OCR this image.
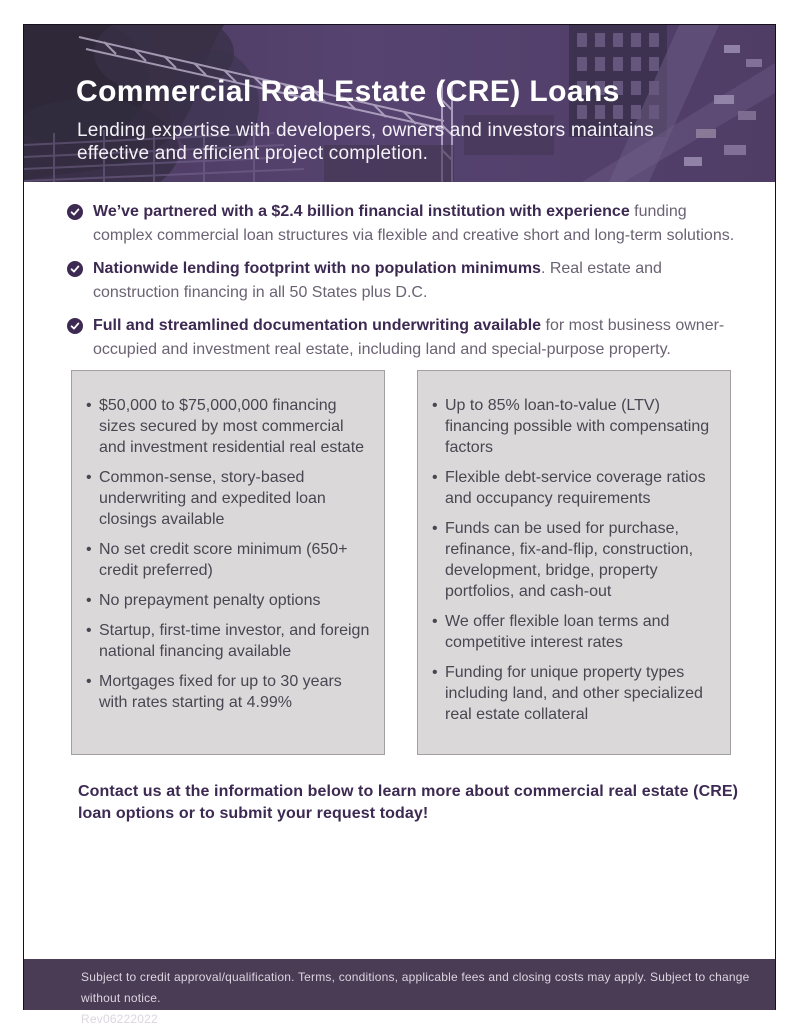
Commercial Real Estate (CRE) Loans
Lending expertise with developers, owners and investors maintains effective and efficient project completion.

We’ve partnered with a $2.4 billion financial institution with experience funding complex commercial loan structures via flexible and creative short and long-term solutions.

Nationwide lending footprint with no population minimums. Real estate and construction financing in all 50 States plus D.C.

Full and streamlined documentation underwriting available for most business owner-occupied and investment real estate, including land and special-purpose property.

• $50,000 to $75,000,000 financing sizes secured by most commercial and investment residential real estate
• Common-sense, story-based underwriting and expedited loan closings available
• No set credit score minimum (650+ credit preferred)
• No prepayment penalty options
• Startup, first-time investor, and foreign national financing available
• Mortgages fixed for up to 30 years with rates starting at 4.99%
• Up to 85% loan-to-value (LTV) financing possible with compensating factors
• Flexible debt-service coverage ratios and occupancy requirements
• Funds can be used for purchase, refinance, fix-and-flip, construction, development, bridge, property portfolios, and cash-out
• We offer flexible loan terms and competitive interest rates
• Funding for unique property types including land, and other specialized real estate collateral

Contact us at the information below to learn more about commercial real estate (CRE) loan options or to submit your request today!

Subject to credit approval/qualification. Terms, conditions, applicable fees and closing costs may apply. Subject to change without notice.

Rev06222022
